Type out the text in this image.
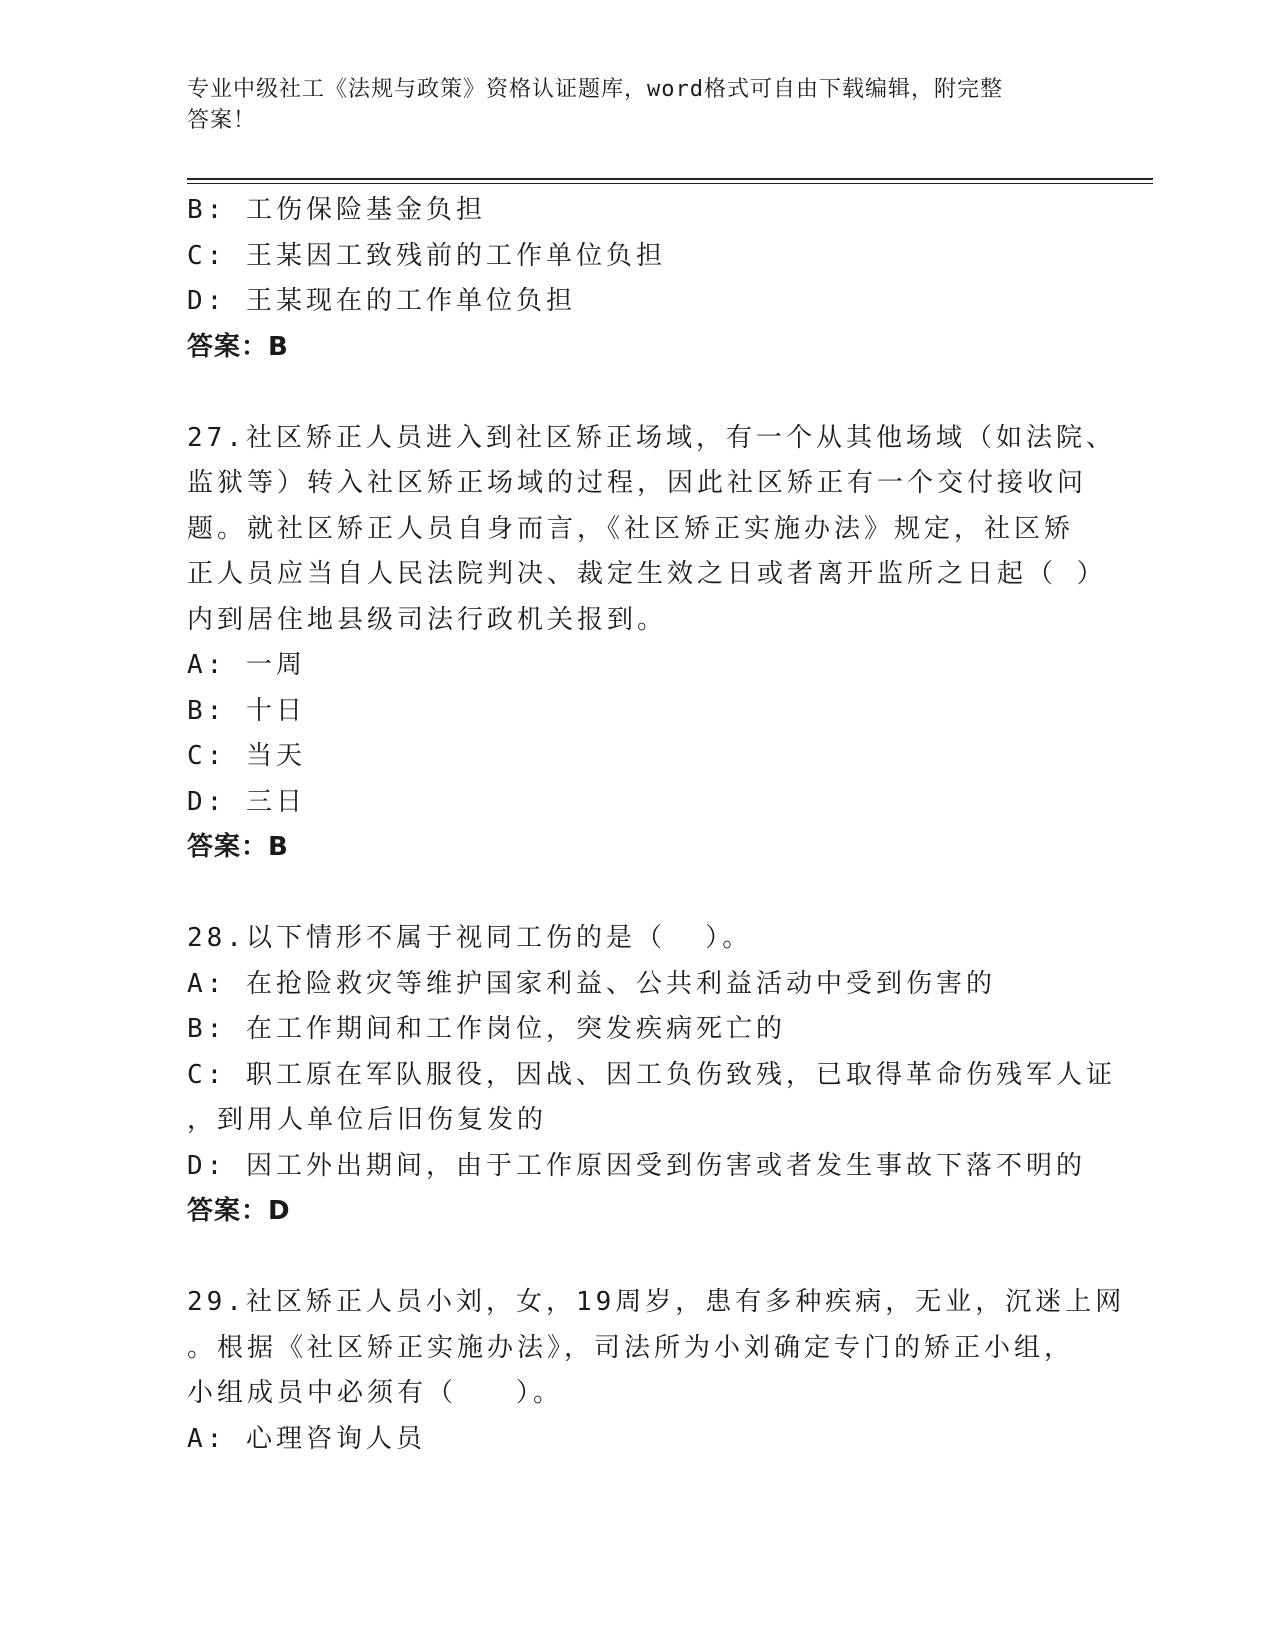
专业中级社工《法规与政策》资格认证题库，word格式可自由下载编辑，附完整
答案！
B: 工伤保险基金负担
C: 王某因工致残前的工作单位负担
D: 王某现在的工作单位负担
答案：B
27.社区矫正人员进入到社区矫正场域，有一个从其他场域（如法院、
监狱等）转入社区矫正场域的过程，因此社区矫正有一个交付接收问
题。就社区矫正人员自身而言，《社区矫正实施办法》规定，社区矫
正人员应当自人民法院判决、裁定生效之日或者离开监所之日起（ ）
内到居住地县级司法行政机关报到。
A: 一周
B: 十日
C: 当天
D: 三日
答案：B
28.以下情形不属于视同工伤的是（  ）。
A: 在抢险救灾等维护国家利益、公共利益活动中受到伤害的
B: 在工作期间和工作岗位，突发疾病死亡的
C: 职工原在军队服役，因战、因工负伤致残，已取得革命伤残军人证
，到用人单位后旧伤复发的
D: 因工外出期间，由于工作原因受到伤害或者发生事故下落不明的
答案：D
29.社区矫正人员小刘，女，19周岁，患有多种疾病，无业，沉迷上网
。根据《社区矫正实施办法》，司法所为小刘确定专门的矫正小组，
小组成员中必须有（   ）。
A: 心理咨询人员
